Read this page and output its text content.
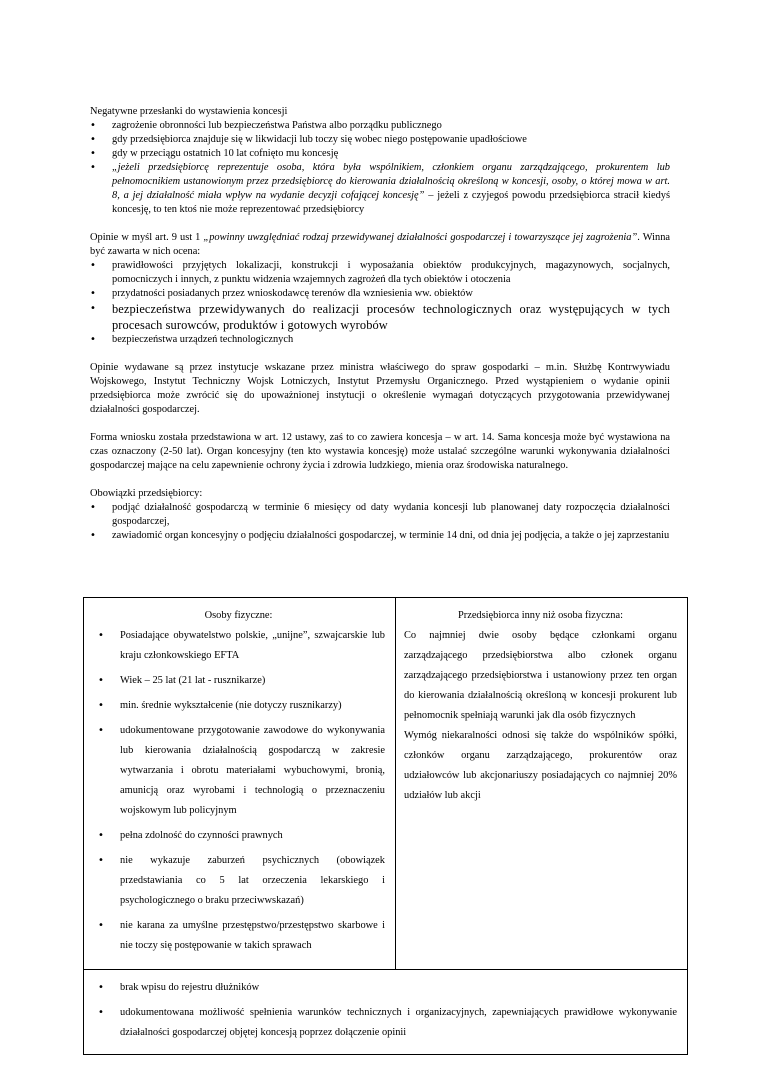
Negatywne przesłanki do wystawienia koncesji

• zagrożenie obronności lub bezpieczeństwa Państwa albo porządku publicznego
• gdy przedsiębiorca znajduje się w likwidacji lub toczy się wobec niego postępowanie upadłościowe
• gdy w przeciągu ostatnich 10 lat cofnięto mu koncesję
• „jeżeli przedsiębiorcę reprezentuje osoba, która była wspólnikiem, członkiem organu zarządzającego, prokurentem lub pełnomocnikiem ustanowionym przez przedsiębiorcę do kierowania działalnością określoną w koncesji, osoby, o której mowa w art. 8, a jej działalność miała wpływ na wydanie decyzji cofającej koncesję” – jeżeli z czyjegoś powodu przedsiębiorca stracił kiedyś koncesję, to ten ktoś nie może reprezentować przedsiębiorcy

Opinie w myśl art. 9 ust 1 „powinny uwzględniać rodzaj przewidywanej działalności gospodarczej i towarzyszące jej zagrożenia”. Winna być zawarta w nich ocena:

• prawidłowości przyjętych lokalizacji, konstrukcji i wyposażania obiektów produkcyjnych, magazynowych, socjalnych, pomocniczych i innych, z punktu widzenia wzajemnych zagrożeń dla tych obiektów i otoczenia
• przydatności posiadanych przez wnioskodawcę terenów dla wzniesienia ww. obiektów
• bezpieczeństwa przewidywanych do realizacji procesów technologicznych oraz występujących w tych procesach surowców, produktów i gotowych wyrobów
• bezpieczeństwa urządzeń technologicznych

Opinie wydawane są przez instytucje wskazane przez ministra właściwego do spraw gospodarki – m.in. Służbę Kontrwywiadu Wojskowego, Instytut Techniczny Wojsk Lotniczych, Instytut Przemysłu Organicznego. Przed wystąpieniem o wydanie opinii przedsiębiorca może zwrócić się do upoważnionej instytucji o określenie wymagań dotyczących przygotowania przewidywanej działalności gospodarczej.

Forma wniosku została przedstawiona w art. 12 ustawy, zaś to co zawiera koncesja – w art. 14. Sama koncesja może być wystawiona na czas oznaczony (2-50 lat). Organ koncesyjny (ten kto wystawia koncesję) może ustalać szczególne warunki wykonywania działalności gospodarczej mające na celu zapewnienie ochrony życia i zdrowia ludzkiego, mienia oraz środowiska naturalnego.

Obowiązki przedsiębiorcy:

• podjąć działalność gospodarczą w terminie 6 miesięcy od daty wydania koncesji lub planowanej daty rozpoczęcia działalności gospodarczej,
• zawiadomić organ koncesyjny o podjęciu działalności gospodarczej, w terminie 14 dni, od dnia jej podjęcia, a także o jej zaprzestaniu
Osoby fizyczne:
• Posiadające obywatelstwo polskie, „unijne”, szwajcarskie lub kraju członkowskiego EFTA
• Wiek – 25 lat (21 lat - rusznikarze)
• min. średnie wykształcenie (nie dotyczy rusznikarzy)
• udokumentowane przygotowanie zawodowe do wykonywania lub kierowania działalnością gospodarczą w zakresie wytwarzania i obrotu materiałami wybuchowymi, bronią, amunicją oraz wyrobami i technologią o przeznaczeniu wojskowym lub policyjnym
• pełna zdolność do czynności prawnych
• nie wykazuje zaburzeń psychicznych (obowiązek przedstawiania co 5 lat orzeczenia lekarskiego i psychologicznego o braku przeciwwskazań)
• nie karana za umyślne przestępstwo/przestępstwo skarbowe i nie toczy się postępowanie w takich sprawach
Przedsiębiorca inny niż osoba fizyczna:

Co najmniej dwie osoby będące członkami organu zarządzającego przedsiębiorstwa albo członek organu zarządzającego przedsiębiorstwa i ustanowiony przez ten organ do kierowania działalnością określoną w koncesji prokurent lub pełnomocnik spełniają warunki jak dla osób fizycznych

Wymóg niekaralności odnosi się także do wspólników spółki, członków organu zarządzającego, prokurentów oraz udziałowców lub akcjonariuszy posiadających co najmniej 20% udziałów lub akcji

• brak wpisu do rejestru dłużników
• udokumentowana możliwość spełnienia warunków technicznych i organizacyjnych, zapewniających prawidłowe wykonywanie działalności gospodarczej objętej koncesją poprzez dołączenie opinii
